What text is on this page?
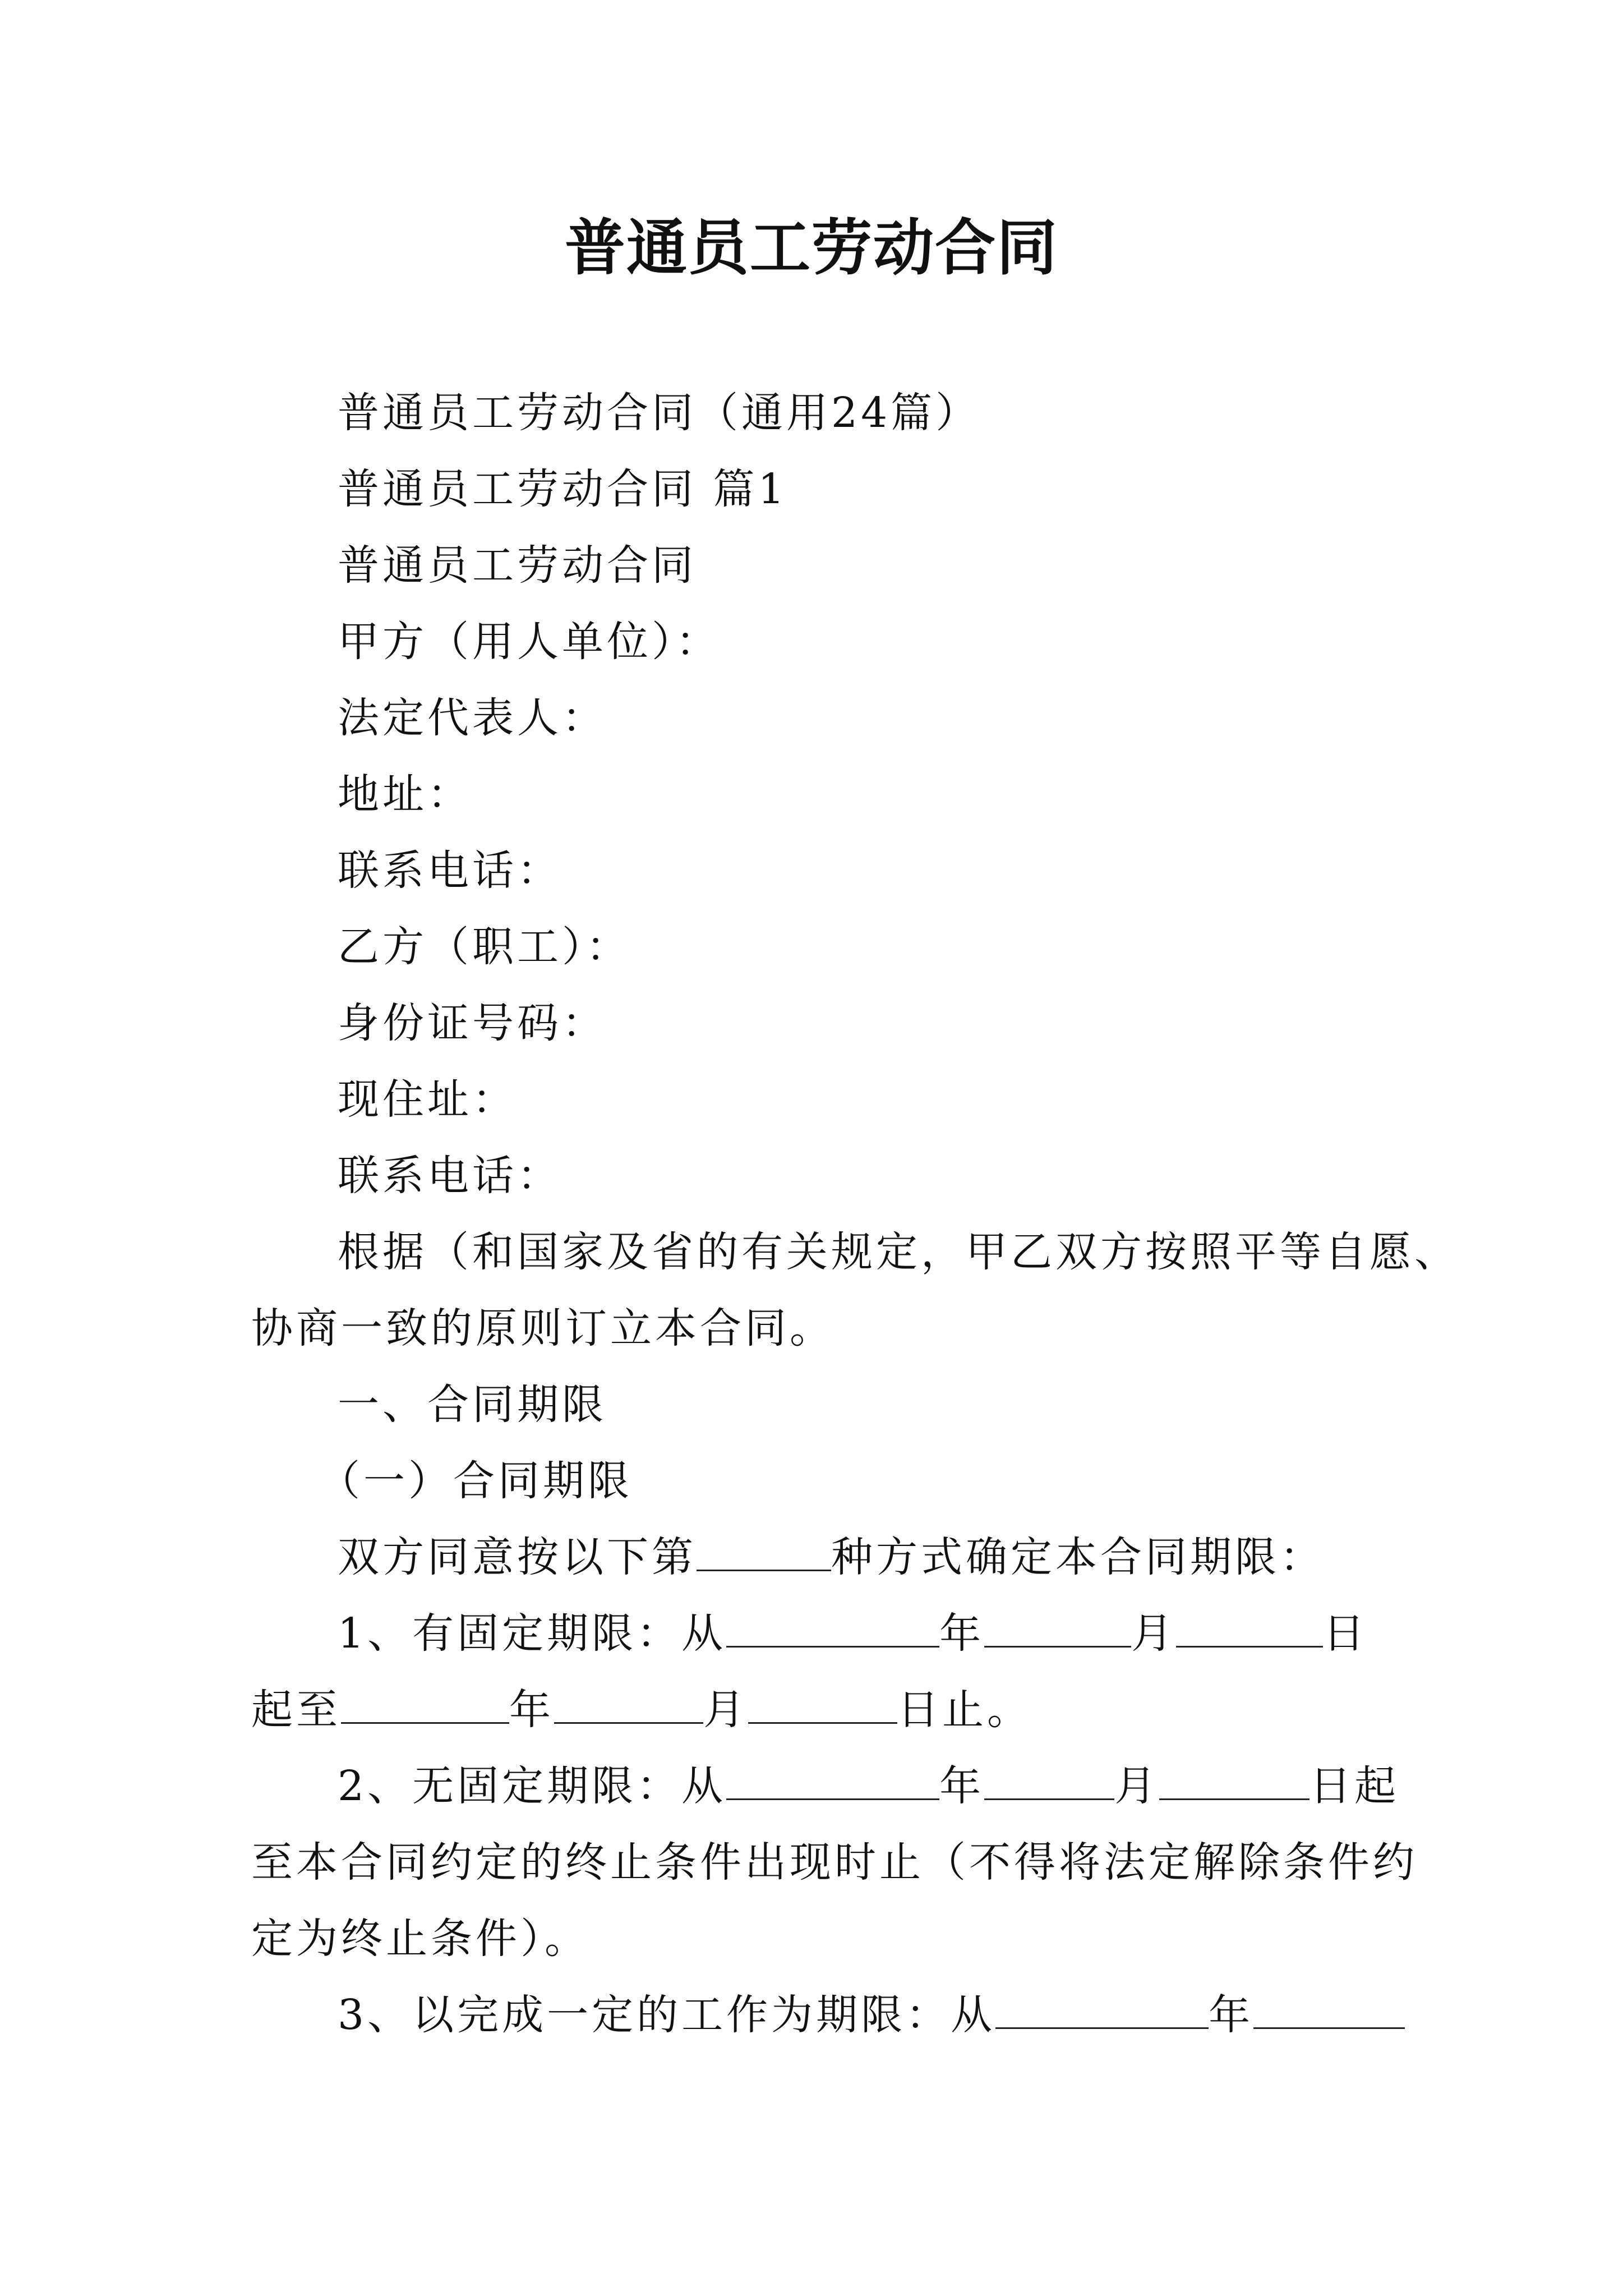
普通员工劳动合同
普通员工劳动合同（通用24篇）
普通员工劳动合同 篇1
普通员工劳动合同
甲方（用人单位）：
法定代表人：
地址：
联系电话：
乙方（职工）：
身份证号码：
现住址：
联系电话：
根据（和国家及省的有关规定，甲乙双方按照平等自愿、
协商一致的原则订立本合同。
一、合同期限
（一）合同期限
双方同意按以下第	种方式确定本合同期限：
1、有固定期限：从	年	月	日
起至	年	月	日止。
2、无固定期限：从	年	月	日起
至本合同约定的终止条件出现时止（不得将法定解除条件约
定为终止条件）。
3、以完成一定的工作为期限：从	年
